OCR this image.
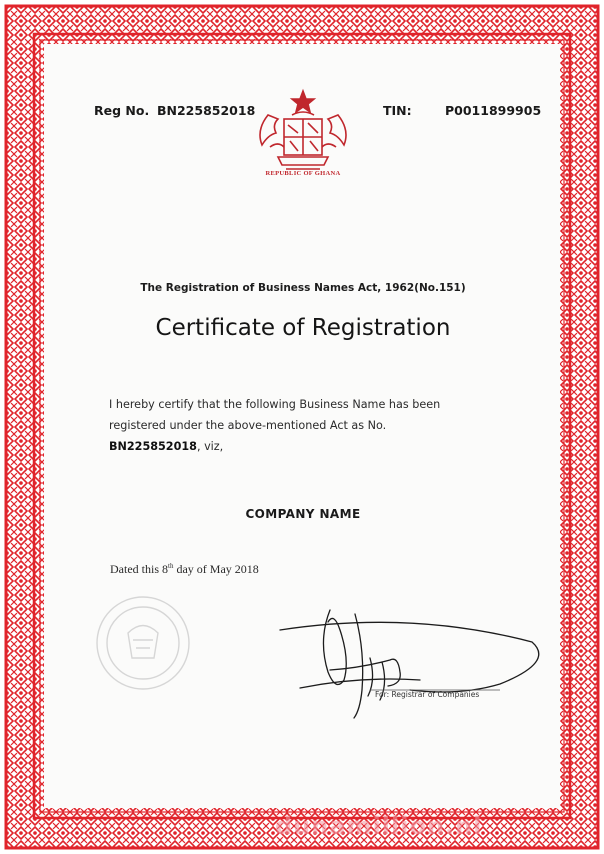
Reg No. BN225852018	TIN:	P0011899905
REPUBLIC OF GHANA
The Registration of Business Names Act, 1962(No.151)
Certificate of Registration
I hereby certify that the following Business Name has been
registered under the above-mentioned Act as No.
BN225852018, viz,
COMPANY NAME
Dated this 8th day of May 2018
For: Registrar of Companies
dunamillion.nl
